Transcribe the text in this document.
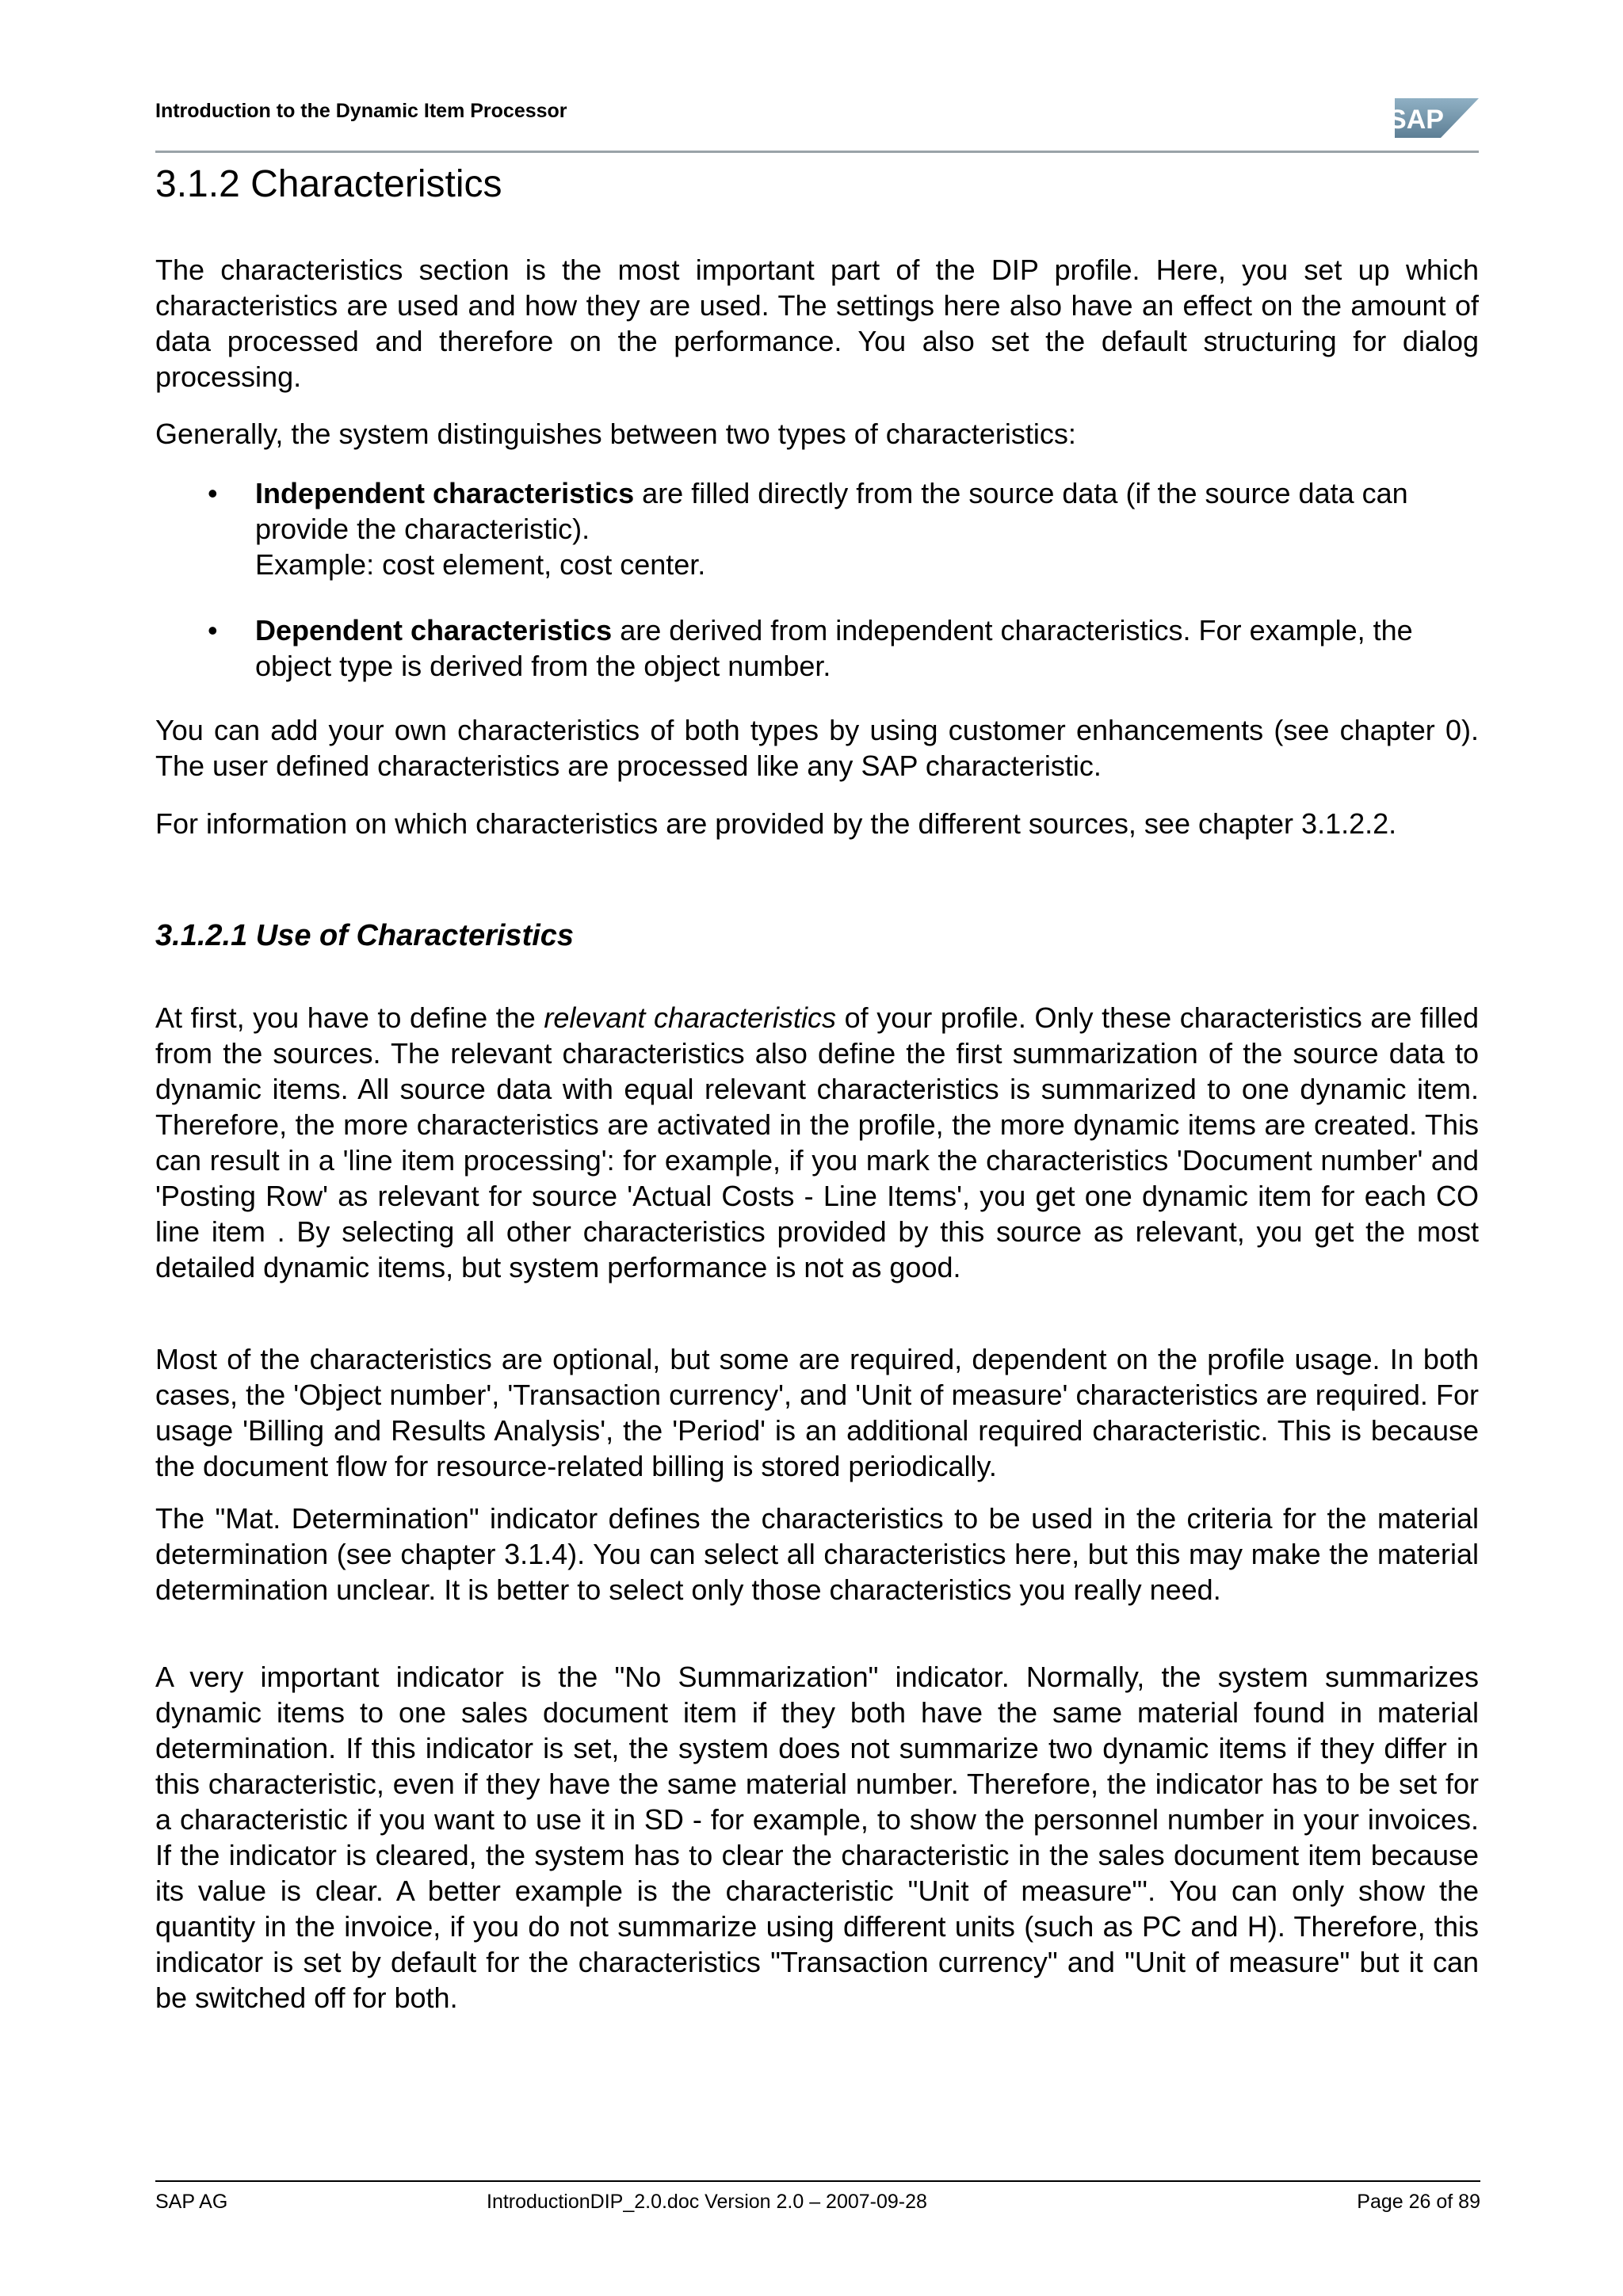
Introduction to the Dynamic Item Processor	SAP
3.1.2 Characteristics

The characteristics section is the most important part of the DIP profile. Here, you set up which characteristics are used and how they are used. The settings here also have an effect on the amount of data processed and therefore on the performance. You also set the default structuring for dialog processing.

Generally, the system distinguishes between two types of characteristics:

• Independent characteristics are filled directly from the source data (if the source data can provide the characteristic).
Example: cost element, cost center.

• Dependent characteristics are derived from independent characteristics. For example, the object type is derived from the object number.

You can add your own characteristics of both types by using customer enhancements (see chapter 0). The user defined characteristics are processed like any SAP characteristic.

For information on which characteristics are provided by the different sources, see chapter 3.1.2.2.

3.1.2.1 Use of Characteristics

At first, you have to define the relevant characteristics of your profile. Only these characteristics are filled from the sources. The relevant characteristics also define the first summarization of the source data to dynamic items. All source data with equal relevant characteristics is summarized to one dynamic item. Therefore, the more characteristics are activated in the profile, the more dynamic items are created. This can result in a 'line item processing': for example, if you mark the characteristics 'Document number' and 'Posting Row' as relevant for source 'Actual Costs - Line Items', you get one dynamic item for each CO line item . By selecting all other characteristics provided by this source as relevant, you get the most detailed dynamic items, but system performance is not as good.

Most of the characteristics are optional, but some are required, dependent on the profile usage. In both cases, the 'Object number', 'Transaction currency', and 'Unit of measure' characteristics are required. For usage 'Billing and Results Analysis', the 'Period' is an additional required characteristic. This is because the document flow for resource-related billing is stored periodically.

The "Mat. Determination" indicator defines the characteristics to be used in the criteria for the material determination (see chapter 3.1.4). You can select all characteristics here, but this may make the material determination unclear. It is better to select only those characteristics you really need.

A very important indicator is the "No Summarization" indicator. Normally, the system summarizes dynamic items to one sales document item if they both have the same material found in material determination. If this indicator is set, the system does not summarize two dynamic items if they differ in this characteristic, even if they have the same material number. Therefore, the indicator has to be set for a characteristic if you want to use it in SD - for example, to show the personnel number in your invoices. If the indicator is cleared, the system has to clear the characteristic in the sales document item because its value is clear. A better example is the characteristic "Unit of measure"'. You can only show the quantity in the invoice, if you do not summarize using different units (such as PC and H). Therefore, this indicator is set by default for the characteristics "Transaction currency" and "Unit of measure" but it can be switched off for both.

SAP AG	IntroductionDIP_2.0.doc Version 2.0 – 2007-09-28	Page 26 of 89
